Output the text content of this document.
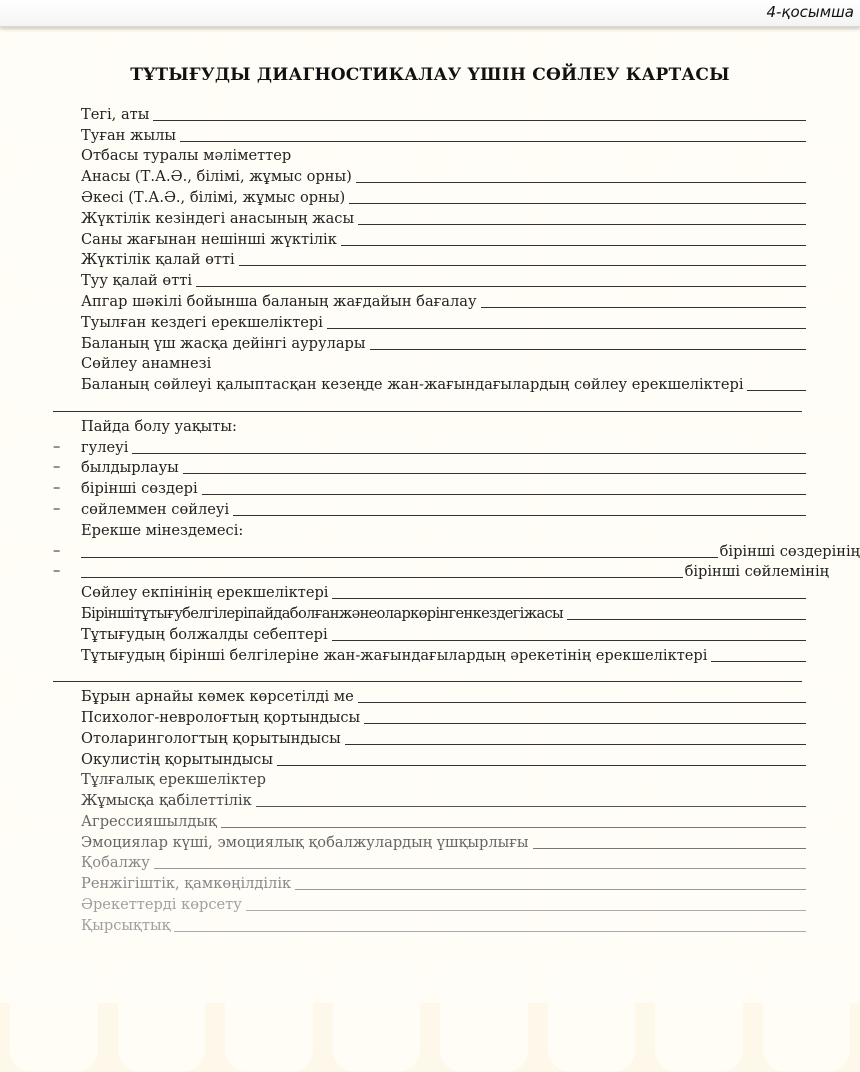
4-қосымша
ТҰТЫҒУДЫ ДИАГНОСТИКАЛАУ ҮШІН СӨЙЛЕУ КАРТАСЫ
Тегі, аты
Туған жылы
Отбасы туралы мәліметтер
Анасы (Т.А.Ә., білімі, жұмыс орны)
Әкесі (Т.А.Ә., білімі, жұмыс орны)
Жүктілік кезіндегі анасының жасы
Саны жағынан нешінші жүктілік
Жүктілік қалай өтті
Туу қалай өтті
Апгар шәкілі бойынша баланың жағдайын бағалау
Туылған кездегі ерекшеліктері
Баланың үш жасқа дейінгі аурулары
Сөйлеу анамнезі
Баланың сөйлеуі қалыптасқан кезеңде жан-жағындағылардың сөйлеу ерекшеліктері
Пайда болу уақыты:
– гулеуі
– былдырлауы
– бірінші сөздері
– сөйлеммен сөйлеуі
Ерекше мінездемесі:
–	бірінші сөздерінің
–	бірінші сөйлемінің
Сөйлеу екпінінің ерекшеліктері
Біріншітұтығубелгілеріпайдаболғанжәнеоларкөрінгенкездегіжасы
Тұтығудың болжалды себептері
Тұтығудың бірінші белгілеріне жан-жағындағылардың әрекетінің ерекшеліктері
Бұрын арнайы көмек көрсетілді ме
Психолог-невролоғтың қортындысы
Отоларингологтың қорытындысы
Окулистің қорытындысы
Тұлғалық ерекшеліктер
Жұмысқа қабілеттілік
Агрессияшылдық
Эмоциялар күші, эмоциялық қобалжулардың үшқырлығы
Қобалжу
Ренжігіштік, қамкөңілділік
Әрекеттерді көрсету
Қырсықтық
